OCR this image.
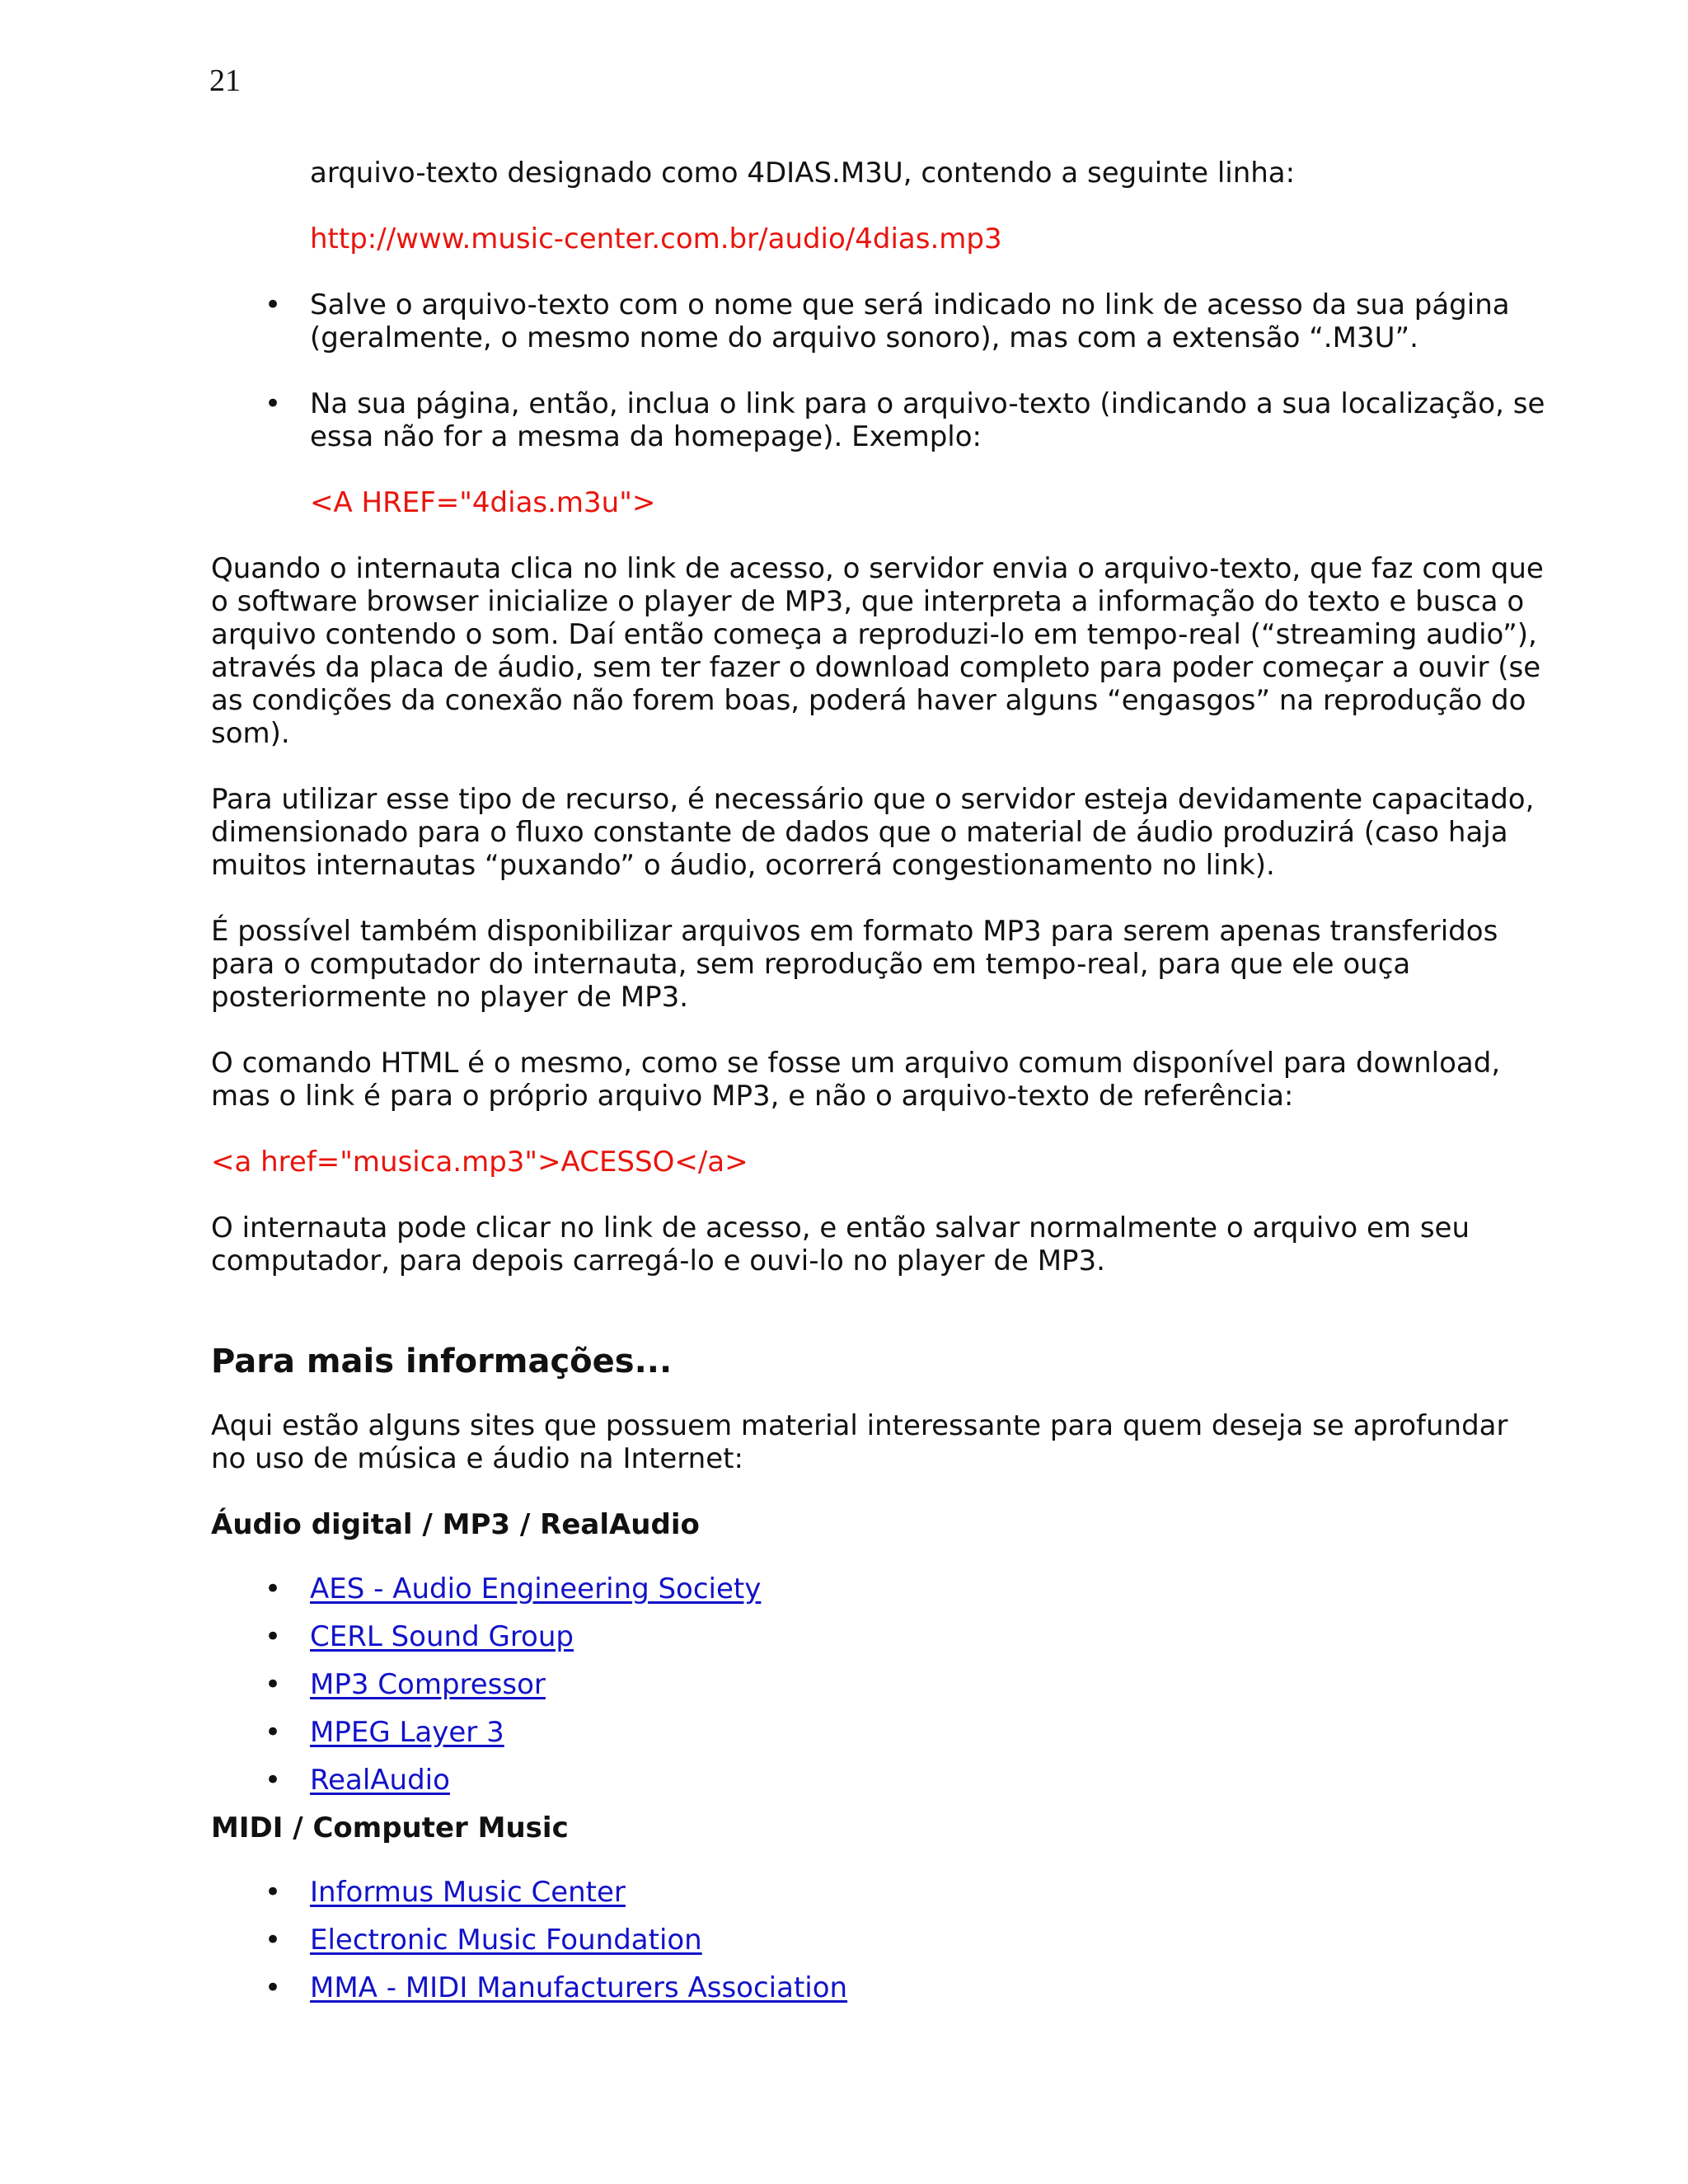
21
arquivo-texto designado como 4DIAS.M3U, contendo a seguinte linha:
http://www.music-center.com.br/audio/4dias.mp3
• Salve o arquivo-texto com o nome que será indicado no link de acesso da sua página (geralmente, o mesmo nome do arquivo sonoro), mas com a extensão “.M3U”.
• Na sua página, então, inclua o link para o arquivo-texto (indicando a sua localização, se essa não for a mesma da homepage). Exemplo:
<A HREF="4dias.m3u">
Quando o internauta clica no link de acesso, o servidor envia o arquivo-texto, que faz com que o software browser inicialize o player de MP3, que interpreta a informação do texto e busca o arquivo contendo o som. Daí então começa a reproduzi-lo em tempo-real (“streaming audio”), através da placa de áudio, sem ter fazer o download completo para poder começar a ouvir (se as condições da conexão não forem boas, poderá haver alguns “engasgos” na reprodução do som).
Para utilizar esse tipo de recurso, é necessário que o servidor esteja devidamente capacitado, dimensionado para o fluxo constante de dados que o material de áudio produzirá (caso haja muitos internautas “puxando” o áudio, ocorrerá congestionamento no link).
É possível também disponibilizar arquivos em formato MP3 para serem apenas transferidos para o computador do internauta, sem reprodução em tempo-real, para que ele ouça posteriormente no player de MP3.
O comando HTML é o mesmo, como se fosse um arquivo comum disponível para download, mas o link é para o próprio arquivo MP3, e não o arquivo-texto de referência:
<a href="musica.mp3">ACESSO</a>
O internauta pode clicar no link de acesso, e então salvar normalmente o arquivo em seu computador, para depois carregá-lo e ouvi-lo no player de MP3.
Para mais informações...
Aqui estão alguns sites que possuem material interessante para quem deseja se aprofundar no uso de música e áudio na Internet:
Áudio digital / MP3 / RealAudio
• AES - Audio Engineering Society
• CERL Sound Group
• MP3 Compressor
• MPEG Layer 3
• RealAudio
MIDI / Computer Music
• Informus Music Center
• Electronic Music Foundation
• MMA - MIDI Manufacturers Association
